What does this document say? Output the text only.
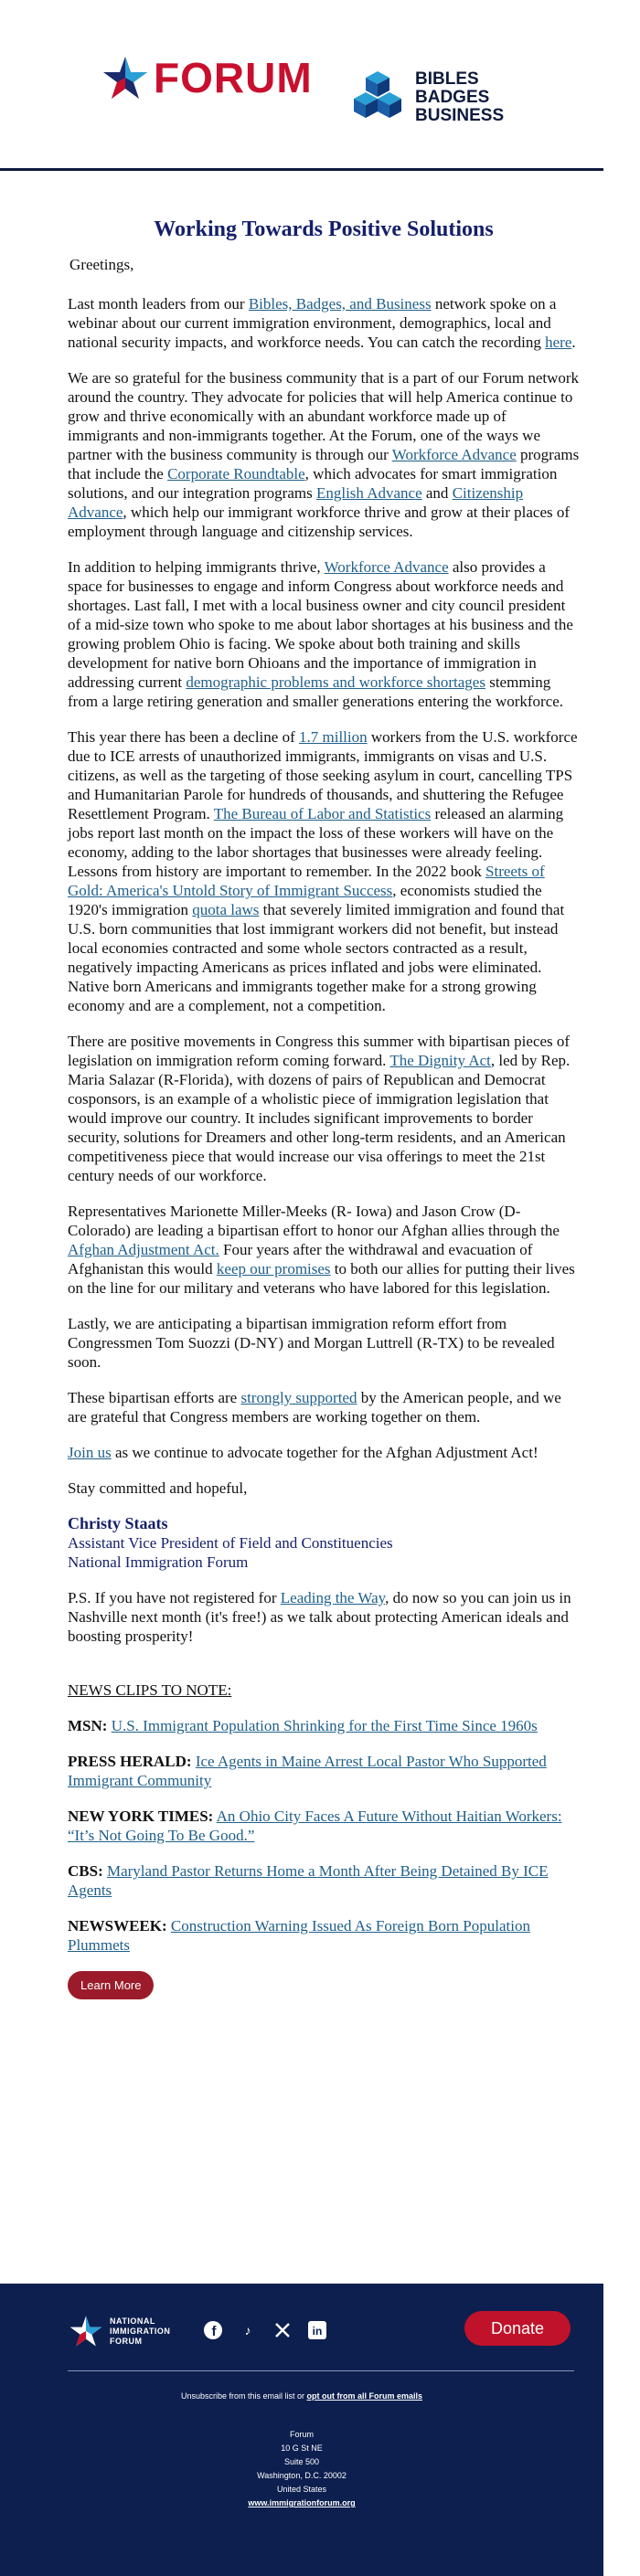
FORUM	BIBLES
BADGES
BUSINESS
Working Towards Positive Solutions

Greetings,

Last month leaders from our Bibles, Badges, and Business network spoke on a webinar about our current immigration environment, demographics, local and national security impacts, and workforce needs. You can catch the recording here.

We are so grateful for the business community that is a part of our Forum network around the country. They advocate for policies that will help America continue to grow and thrive economically with an abundant workforce made up of immigrants and non-immigrants together. At the Forum, one of the ways we partner with the business community is through our Workforce Advance programs that include the Corporate Roundtable, which advocates for smart immigration solutions, and our integration programs English Advance and Citizenship Advance, which help our immigrant workforce thrive and grow at their places of employment through language and citizenship services.

In addition to helping immigrants thrive, Workforce Advance also provides a space for businesses to engage and inform Congress about workforce needs and shortages. Last fall, I met with a local business owner and city council president of a mid-size town who spoke to me about labor shortages at his business and the growing problem Ohio is facing. We spoke about both training and skills development for native born Ohioans and the importance of immigration in addressing current demographic problems and workforce shortages stemming from a large retiring generation and smaller generations entering the workforce.

This year there has been a decline of 1.7 million workers from the U.S. workforce due to ICE arrests of unauthorized immigrants, immigrants on visas and U.S. citizens, as well as the targeting of those seeking asylum in court, cancelling TPS and Humanitarian Parole for hundreds of thousands, and shuttering the Refugee Resettlement Program. The Bureau of Labor and Statistics released an alarming jobs report last month on the impact the loss of these workers will have on the economy, adding to the labor shortages that businesses were already feeling. Lessons from history are important to remember. In the 2022 book Streets of Gold: America's Untold Story of Immigrant Success, economists studied the 1920's immigration quota laws that severely limited immigration and found that U.S. born communities that lost immigrant workers did not benefit, but instead local economies contracted and some whole sectors contracted as a result, negatively impacting Americans as prices inflated and jobs were eliminated. Native born Americans and immigrants together make for a strong growing economy and are a complement, not a competition.

There are positive movements in Congress this summer with bipartisan pieces of legislation on immigration reform coming forward. The Dignity Act, led by Rep. Maria Salazar (R-Florida), with dozens of pairs of Republican and Democrat cosponsors, is an example of a wholistic piece of immigration legislation that would improve our country. It includes significant improvements to border security, solutions for Dreamers and other long-term residents, and an American competitiveness piece that would increase our visa offerings to meet the 21st century needs of our workforce.

Representatives Marionette Miller-Meeks (R- Iowa) and Jason Crow (D- Colorado) are leading a bipartisan effort to honor our Afghan allies through the Afghan Adjustment Act. Four years after the withdrawal and evacuation of Afghanistan this would keep our promises to both our allies for putting their lives on the line for our military and veterans who have labored for this legislation.

Lastly, we are anticipating a bipartisan immigration reform effort from Congressmen Tom Suozzi (D-NY) and Morgan Luttrell (R-TX) to be revealed soon.

These bipartisan efforts are strongly supported by the American people, and we are grateful that Congress members are working together on them.

Join us as we continue to advocate together for the Afghan Adjustment Act!

Stay committed and hopeful,

Christy Staats
Assistant Vice President of Field and Constituencies
National Immigration Forum

P.S. If you have not registered for Leading the Way, do now so you can join us in Nashville next month (it's free!) as we talk about protecting American ideals and boosting prosperity!

NEWS CLIPS TO NOTE:

MSN: U.S. Immigrant Population Shrinking for the First Time Since 1960s
PRESS HERALD: Ice Agents in Maine Arrest Local Pastor Who Supported Immigrant Community
NEW YORK TIMES: An Ohio City Faces A Future Without Haitian Workers: “It’s Not Going To Be Good.”
CBS: Maryland Pastor Returns Home a Month After Being Detained By ICE Agents
NEWSWEEK: Construction Warning Issued As Foreign Born Population Plummets
Learn More
NATIONAL
IMMIGRATION
FORUM
f	♪	in	Donate
Unsubscribe from this email list or opt out from all Forum emails
Forum
10 G St NE
Suite 500
Washington, D.C. 20002
United States
www.immigrationforum.org
